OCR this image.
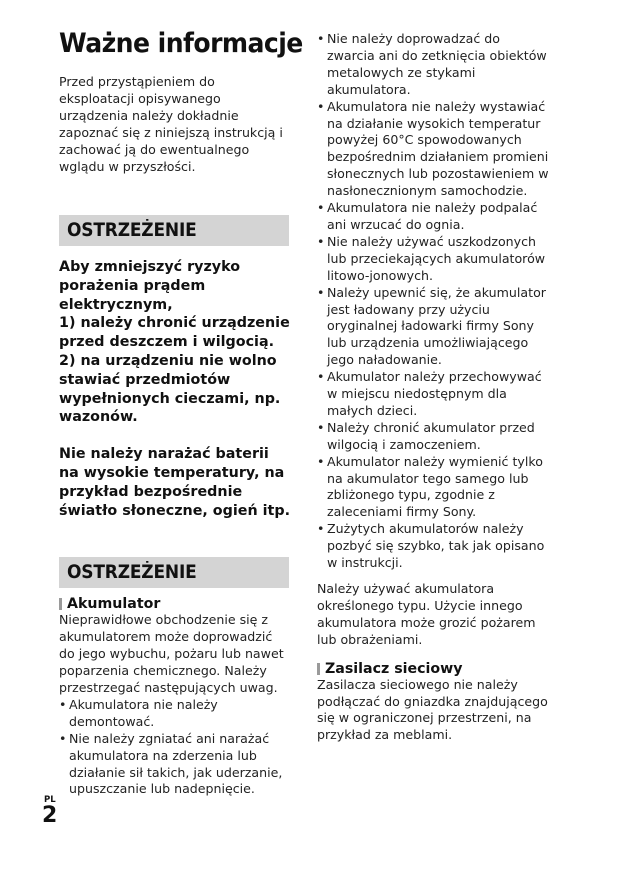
Ważne informacje

Przed przystąpieniem do eksploatacji opisywanego urządzenia należy dokładnie zapoznać się z niniejszą instrukcją i zachować ją do ewentualnego wglądu w przyszłości.

OSTRZEŻENIE

Aby zmniejszyć ryzyko porażenia prądem elektrycznym,
1) należy chronić urządzenie przed deszczem i wilgocią.
2) na urządzeniu nie wolno stawiać przedmiotów wypełnionych cieczami, np. wazonów.

Nie należy narażać baterii na wysokie temperatury, na przykład bezpośrednie światło słoneczne, ogień itp.

OSTRZEŻENIE
Akumulator

Nieprawidłowe obchodzenie się z akumulatorem może doprowadzić do jego wybuchu, pożaru lub nawet poparzenia chemicznego. Należy przestrzegać następujących uwag.

• Akumulatora nie należy demontować.
• Nie należy zgniatać ani narażać akumulatora na zderzenia lub działanie sił takich, jak uderzanie, upuszczanie lub nadepnięcie.
• Nie należy doprowadzać do zwarcia ani do zetknięcia obiektów metalowych ze stykami akumulatora.
• Akumulatora nie należy wystawiać na działanie wysokich temperatur powyżej 60°C spowodowanych bezpośrednim działaniem promieni słonecznych lub pozostawieniem w nasłonecznionym samochodzie.
• Akumulatora nie należy podpalać ani wrzucać do ognia.
• Nie należy używać uszkodzonych lub przeciekających akumulatorów litowo-jonowych.
• Należy upewnić się, że akumulator jest ładowany przy użyciu oryginalnej ładowarki firmy Sony lub urządzenia umożliwiającego jego naładowanie.
• Akumulator należy przechowywać w miejscu niedostępnym dla małych dzieci.
• Należy chronić akumulator przed wilgocią i zamoczeniem.
• Akumulator należy wymienić tylko na akumulator tego samego lub zbliżonego typu, zgodnie z zaleceniami firmy Sony.
• Zużytych akumulatorów należy pozbyć się szybko, tak jak opisano w instrukcji.

Należy używać akumulatora określonego typu. Użycie innego akumulatora może grozić pożarem lub obrażeniami.

Zasilacz sieciowy

Zasilacza sieciowego nie należy podłączać do gniazdka znajdującego się w ograniczonej przestrzeni, na przykład za meblami.

PL
2
